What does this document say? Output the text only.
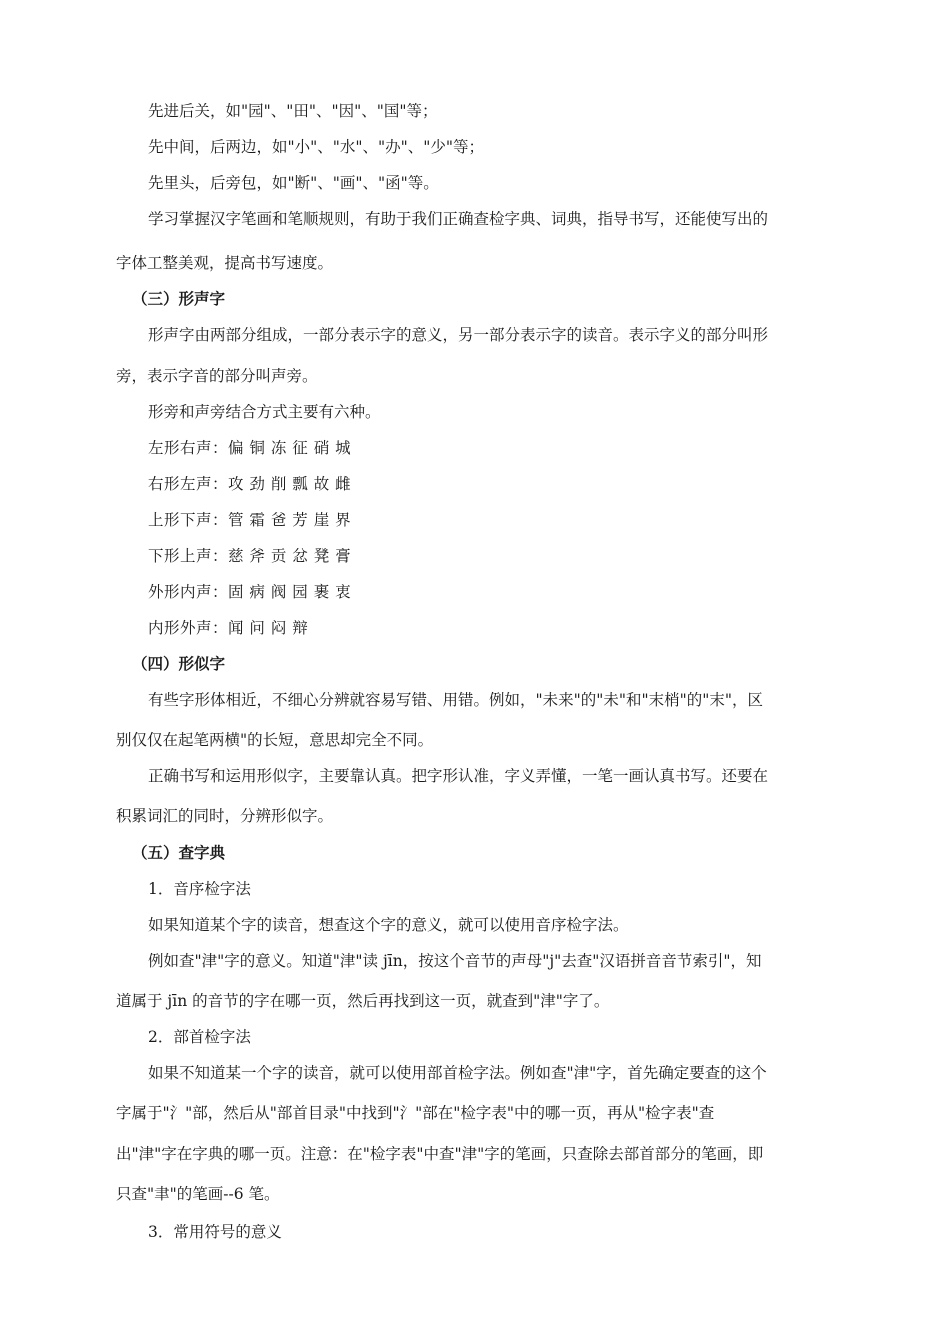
先进后关，如"园"、"田"、"因"、"国"等；
先中间，后两边，如"小"、"水"、"办"、"少"等；
先里头，后旁包，如"断"、"画"、"函"等。
学习掌握汉字笔画和笔顺规则，有助于我们正确查检字典、词典，指导书写，还能使写出的
字体工整美观，提高书写速度。
（三）形声字
形声字由两部分组成，一部分表示字的意义，另一部分表示字的读音。表示字义的部分叫形
旁，表示字音的部分叫声旁。
形旁和声旁结合方式主要有六种。
左形右声：偏 铜 冻 征 硝 城
右形左声：攻 劲 削 瓢 故 雌
上形下声：管 霜 爸 芳 崖 界
下形上声：慈 斧 贡 忿 凳 膏
外形内声：固 病 阀 园 裹 衷
内形外声：闻 问 闷 辩
（四）形似字
有些字形体相近，不细心分辨就容易写错、用错。例如，"未来"的"未"和"末梢"的"末"，区
别仅仅在起笔两横"的长短，意思却完全不同。
正确书写和运用形似字，主要靠认真。把字形认准，字义弄懂，一笔一画认真书写。还要在
积累词汇的同时，分辨形似字。
（五）查字典
1．音序检字法
如果知道某个字的读音，想查这个字的意义，就可以使用音序检字法。
例如查"津"字的意义。知道"津"读 jīn，按这个音节的声母"j"去查"汉语拼音音节索引"，知
道属于 jīn 的音节的字在哪一页，然后再找到这一页，就查到"津"字了。
2．部首检字法
如果不知道某一个字的读音，就可以使用部首检字法。例如查"津"字，首先确定要查的这个
字属于"氵"部，然后从"部首目录"中找到"氵"部在"检字表"中的哪一页，再从"检字表"查
出"津"字在字典的哪一页。注意：在"检字表"中查"津"字的笔画，只查除去部首部分的笔画，即
只查"聿"的笔画--6 笔。
3．常用符号的意义
